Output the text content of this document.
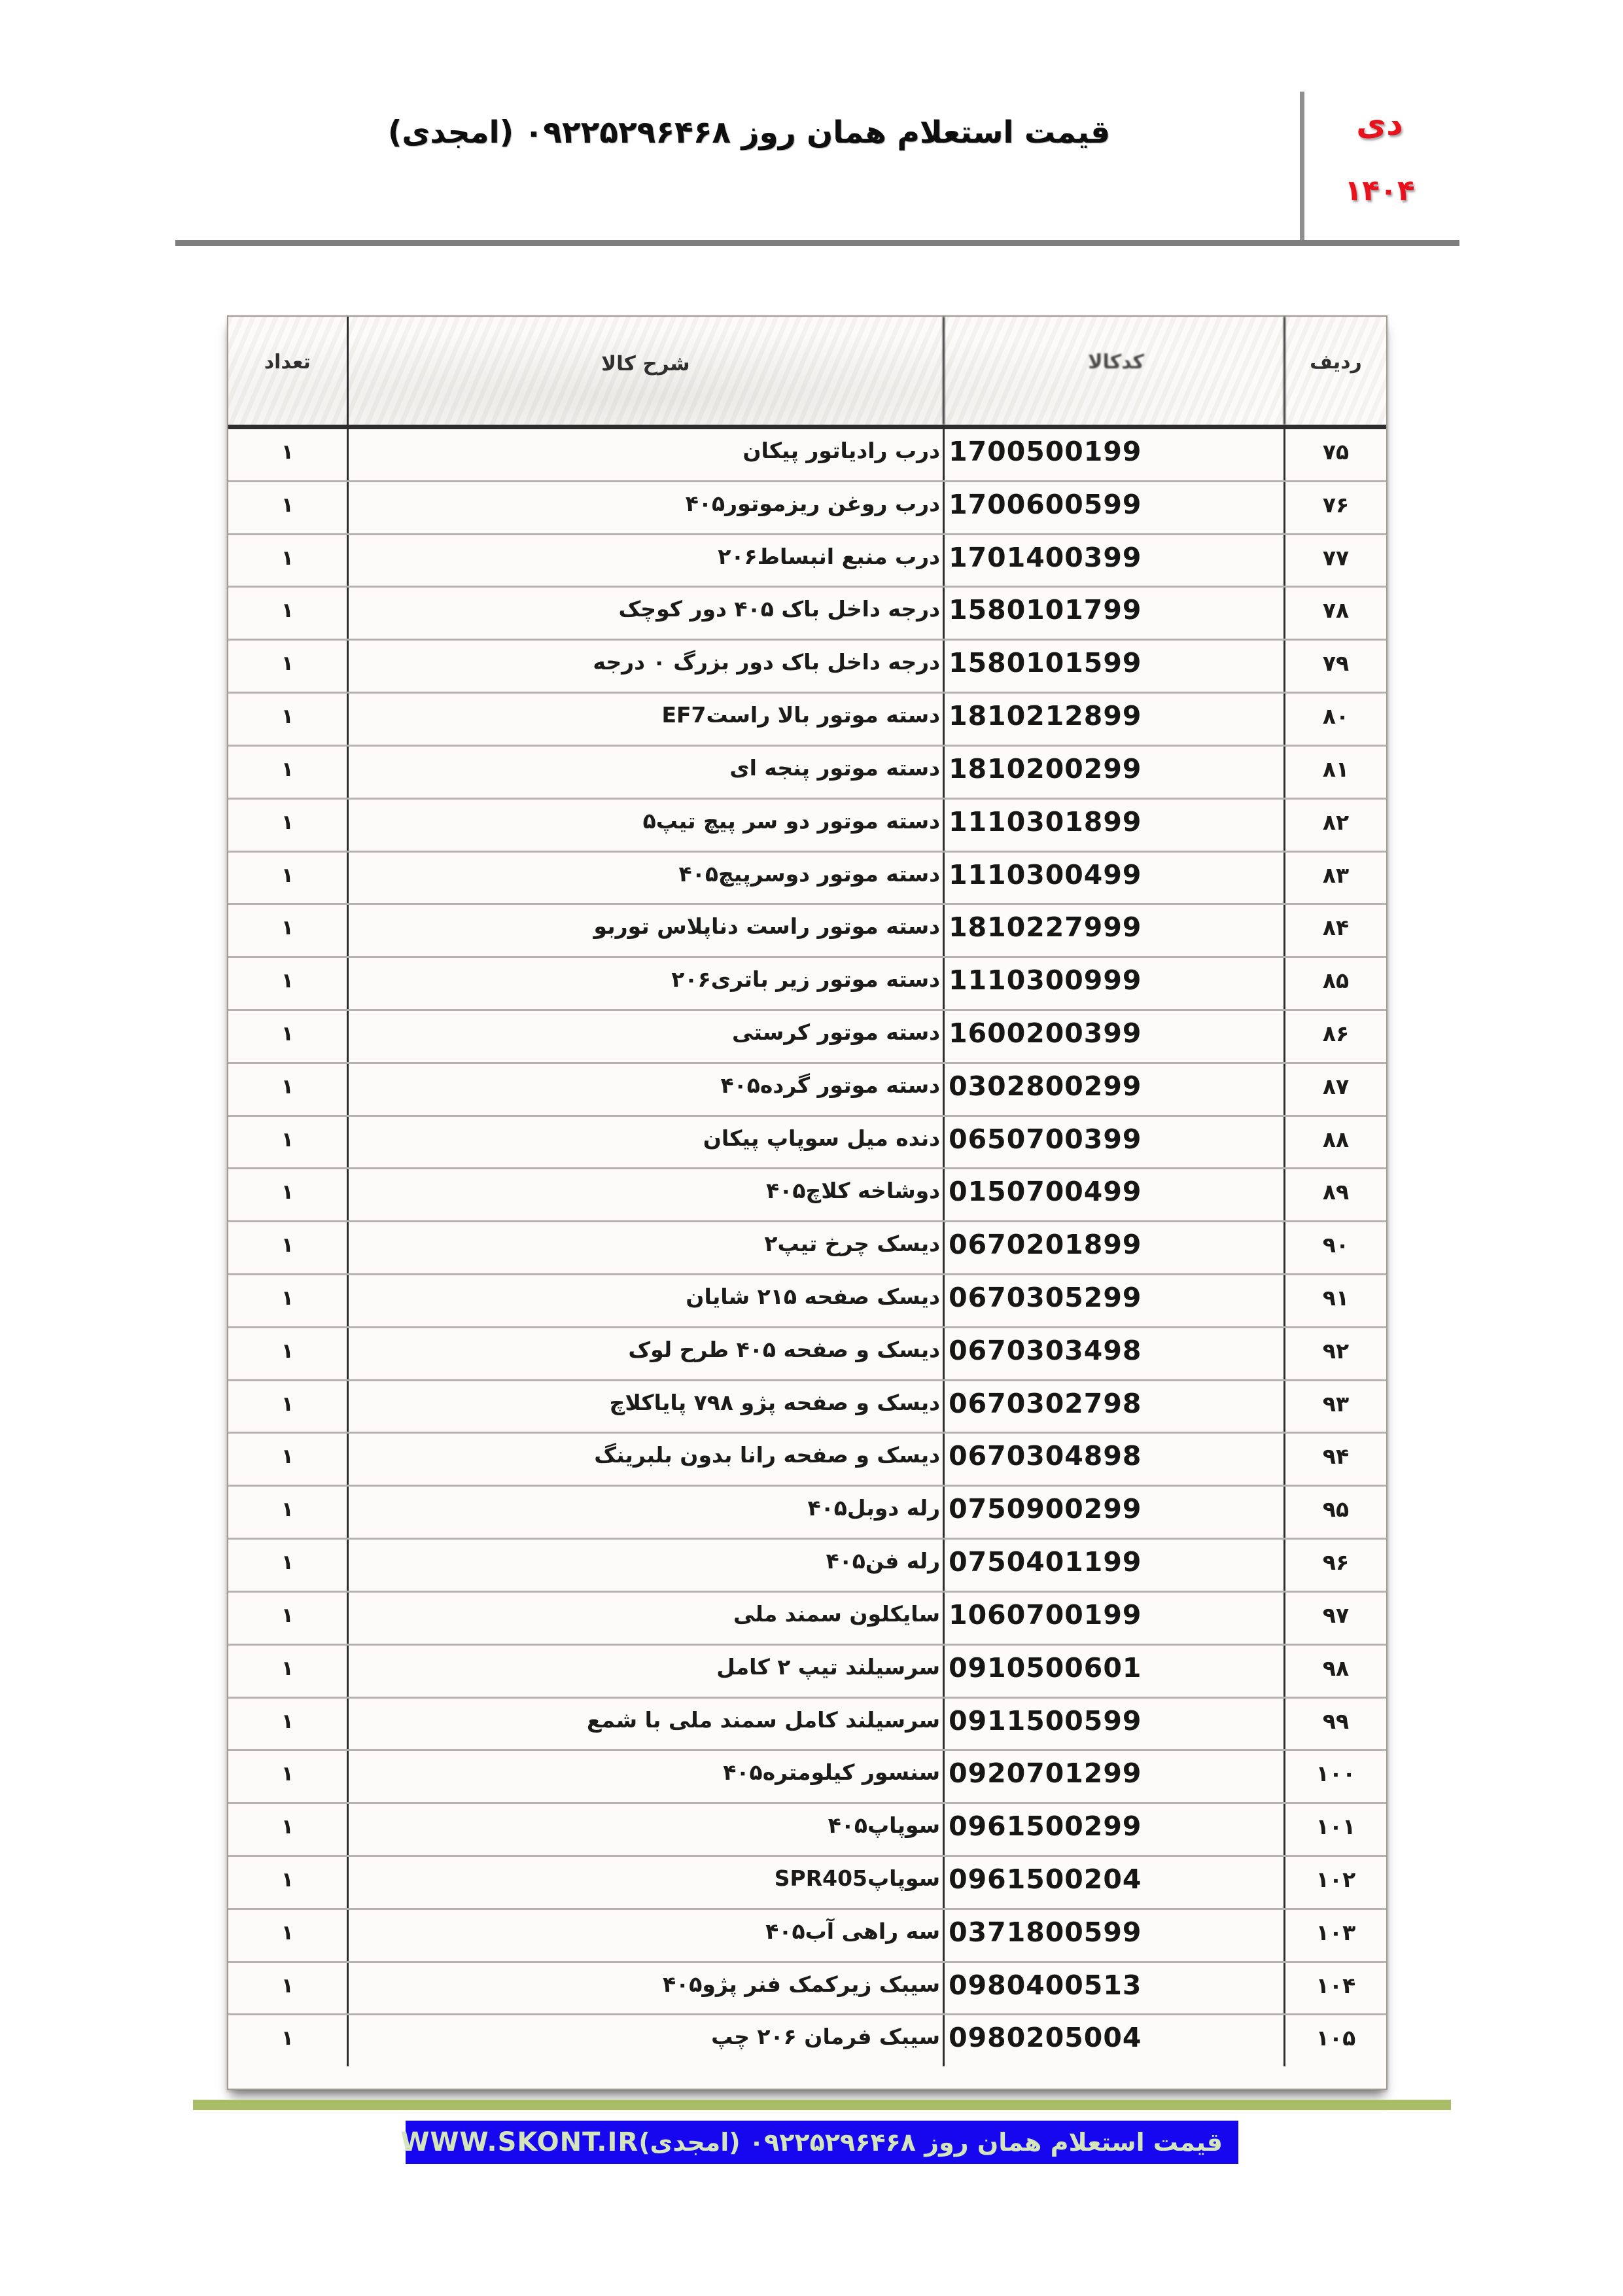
قیمت استعلام همان روز ۰۹۲۲۵۲۹۶۴۶۸ (امجدی)	دی
۱۴۰۴
ردیف
کدکالا
شرح کالا
تعداد
۷۵
1700500199
درب رادیاتور پیکان
۱
۷۶
1700600599
درب روغن ریزموتور۴۰۵
۱
۷۷
1701400399
درب منبع انبساط۲۰۶
۱
۷۸
1580101799
درجه داخل باک ۴۰۵ دور کوچک
۱
۷۹
1580101599
درجه داخل باک دور بزرگ ۰ درجه
۱
۸۰
1810212899
دسته موتور بالا راستEF7
۱
۸۱
1810200299
دسته موتور پنجه ای
۱
۸۲
1110301899
دسته موتور دو سر پیچ تیپ۵
۱
۸۳
1110300499
دسته موتور دوسرپیچ۴۰۵
۱
۸۴
1810227999
دسته موتور راست دناپلاس توربو
۱
۸۵
1110300999
دسته موتور زیر باتری۲۰۶
۱
۸۶
1600200399
دسته موتور کرستی
۱
۸۷
0302800299
دسته موتور گرده۴۰۵
۱
۸۸
0650700399
دنده میل سوپاپ پیکان
۱
۸۹
0150700499
دوشاخه کلاچ۴۰۵
۱
۹۰
0670201899
دیسک چرخ تیپ۲
۱
۹۱
0670305299
دیسک صفحه ۲۱۵ شایان
۱
۹۲
0670303498
دیسک و صفحه ۴۰۵ طرح لوک
۱
۹۳
0670302798
دیسک و صفحه پژو ۷۹۸ پایاکلاچ
۱
۹۴
0670304898
دیسک و صفحه رانا بدون بلبرینگ
۱
۹۵
0750900299
رله دوبل۴۰۵
۱
۹۶
0750401199
رله فن۴۰۵
۱
۹۷
1060700199
سایکلون سمند ملی
۱
۹۸
0910500601
سرسیلند تیپ ۲ کامل
۱
۹۹
0911500599
سرسیلند کامل سمند ملی با شمع
۱
۱۰۰
0920701299
سنسور کیلومتره۴۰۵
۱
۱۰۱
0961500299
سوپاپ۴۰۵
۱
۱۰۲
0961500204
سوپاپSPR405
۱
۱۰۳
0371800599
سه راهی آب۴۰۵
۱
۱۰۴
0980400513
سیبک زیرکمک فنر پژو۴۰۵
۱
۱۰۵
0980205004
سیبک فرمان ۲۰۶ چپ
۱
قیمت استعلام همان روز ۰۹۲۲۵۲۹۶۴۶۸ (امجدی)
WWW.SKONT.IR
